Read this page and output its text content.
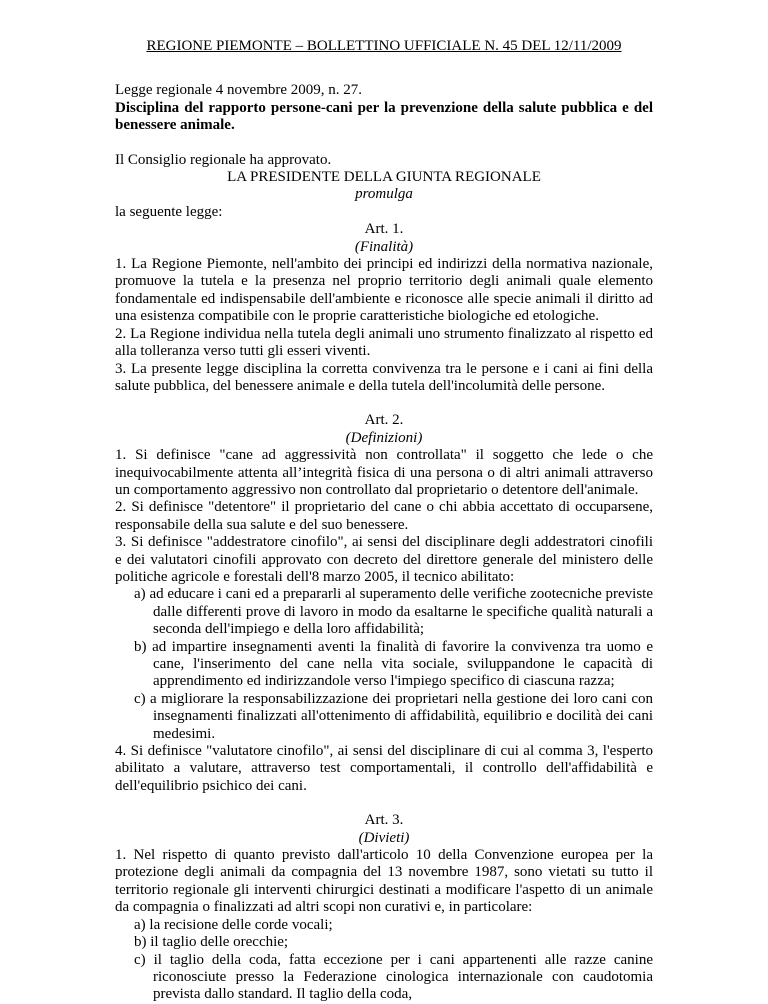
REGIONE PIEMONTE – BOLLETTINO UFFICIALE N. 45 DEL 12/11/2009

Legge regionale 4 novembre 2009, n. 27.

Disciplina del rapporto persone-cani per la prevenzione della salute pubblica e del benessere animale.

Il Consiglio regionale ha approvato.

LA PRESIDENTE DELLA GIUNTA REGIONALE

promulga

la seguente legge:

Art. 1.

(Finalità)

1. La Regione Piemonte, nell'ambito dei principi ed indirizzi della normativa nazionale, promuove la tutela e la presenza nel proprio territorio degli animali quale elemento fondamentale ed indispensabile dell'ambiente e riconosce alle specie animali il diritto ad una esistenza compatibile con le proprie caratteristiche biologiche ed etologiche.

2. La Regione individua nella tutela degli animali uno strumento finalizzato al rispetto ed alla tolleranza verso tutti gli esseri viventi.

3. La presente legge disciplina la corretta convivenza tra le persone e i cani ai fini della salute pubblica, del benessere animale e della tutela dell'incolumità delle persone.

Art. 2.

(Definizioni)

1. Si definisce "cane ad aggressività non controllata" il soggetto che lede o che inequivocabilmente attenta all’integrità fisica di una persona o di altri animali attraverso un comportamento aggressivo non controllato dal proprietario o detentore dell'animale.

2. Si definisce "detentore" il proprietario del cane o chi abbia accettato di occuparsene, responsabile della sua salute e del suo benessere.

3. Si definisce "addestratore cinofilo", ai sensi del disciplinare degli addestratori cinofili e dei valutatori cinofili approvato con decreto del direttore generale del ministero delle politiche agricole e forestali dell'8 marzo 2005, il tecnico abilitato:

a) ad educare i cani ed a prepararli al superamento delle verifiche zootecniche previste dalle differenti prove di lavoro in modo da esaltarne le specifiche qualità naturali a seconda dell'impiego e della loro affidabilità;

b) ad impartire insegnamenti aventi la finalità di favorire la convivenza tra uomo e cane, l'inserimento del cane nella vita sociale, sviluppandone le capacità di apprendimento ed indirizzandole verso l'impiego specifico di ciascuna razza;

c) a migliorare la responsabilizzazione dei proprietari nella gestione dei loro cani con insegnamenti finalizzati all'ottenimento di affidabilità, equilibrio e docilità dei cani medesimi.

4. Si definisce "valutatore cinofilo", ai sensi del disciplinare di cui al comma 3, l'esperto abilitato a valutare, attraverso test comportamentali, il controllo dell'affidabilità e dell'equilibrio psichico dei cani.

Art. 3.

(Divieti)

1. Nel rispetto di quanto previsto dall'articolo 10 della Convenzione europea per la protezione degli animali da compagnia del 13 novembre 1987, sono vietati su tutto il territorio regionale gli interventi chirurgici destinati a modificare l'aspetto di un animale da compagnia o finalizzati ad altri scopi non curativi e, in particolare:

a) la recisione delle corde vocali;

b) il taglio delle orecchie;

c) il taglio della coda, fatta eccezione per i cani appartenenti alle razze canine riconosciute presso la Federazione cinologica internazionale con caudotomia prevista dallo standard. Il taglio della coda,
